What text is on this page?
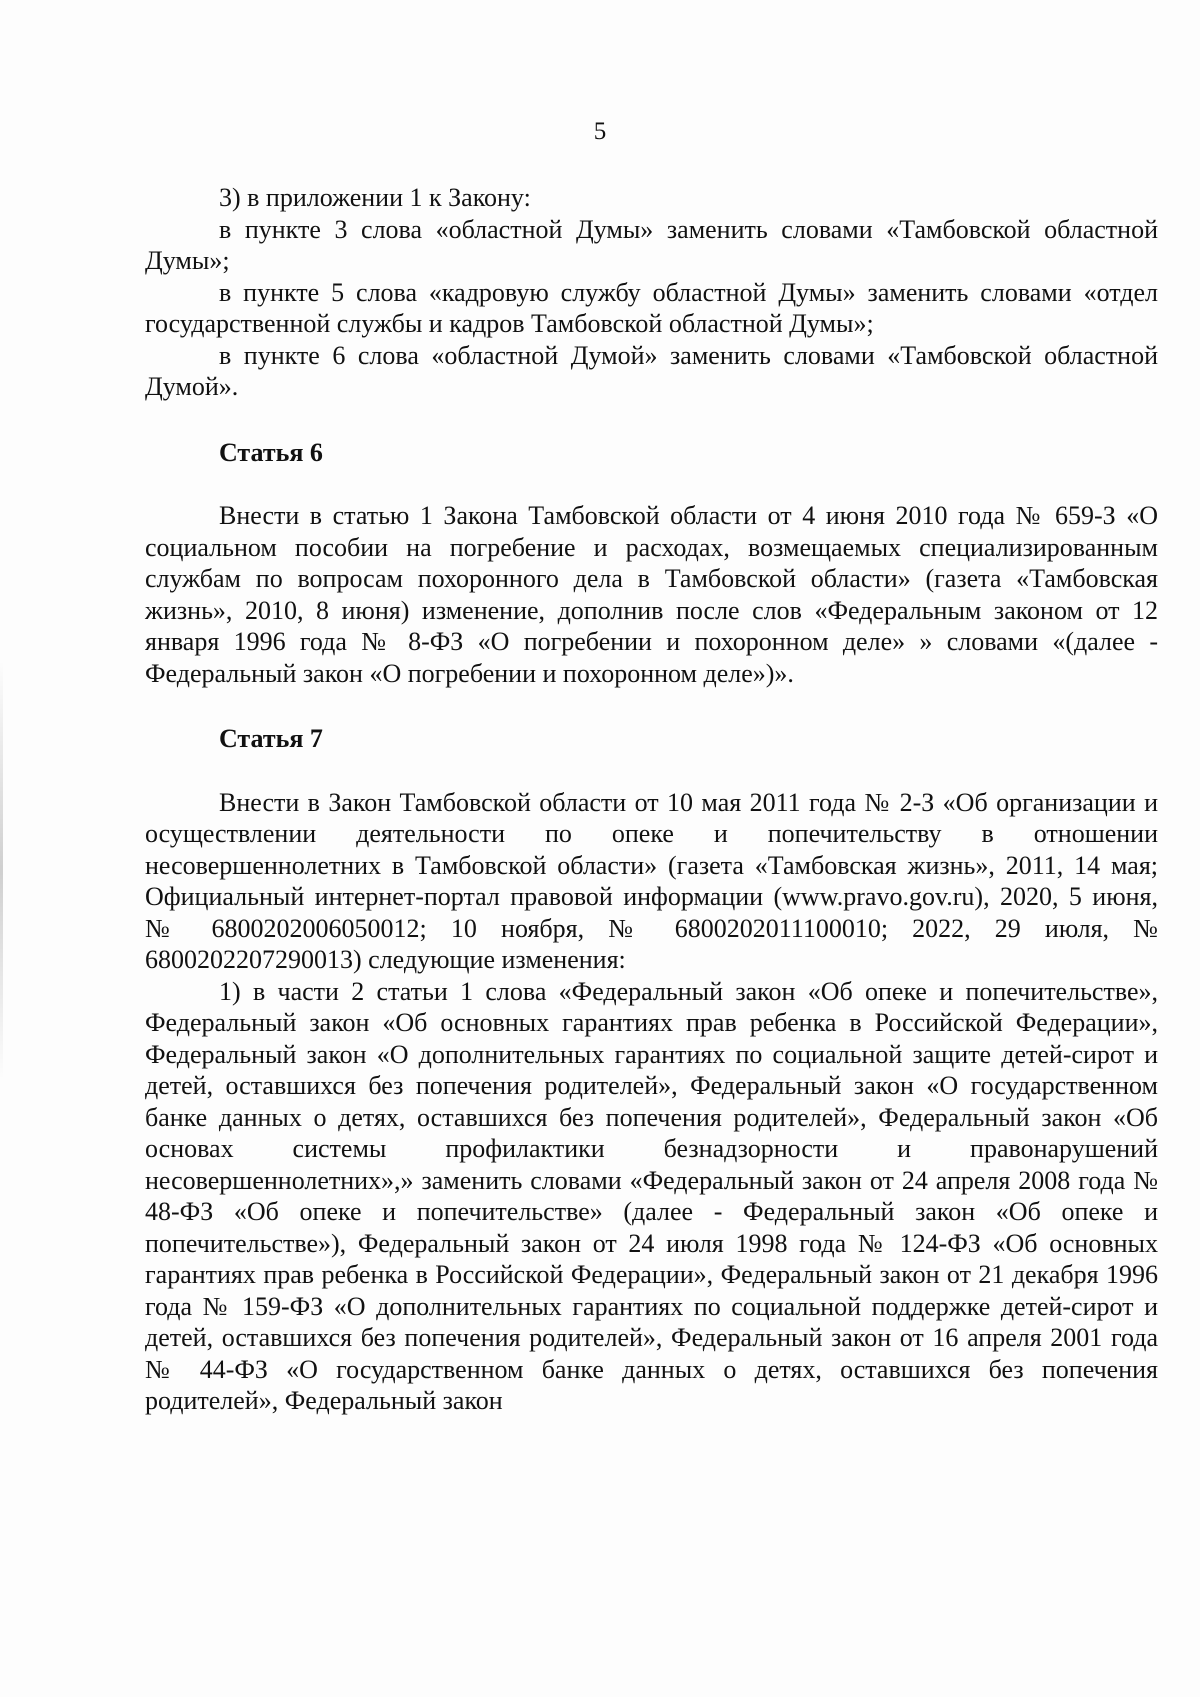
5

3) в приложении 1 к Закону:

в пункте 3 слова «областной Думы» заменить словами «Тамбовской областной Думы»;

в пункте 5 слова «кадровую службу областной Думы» заменить словами «отдел государственной службы и кадров Тамбовской областной Думы»;

в пункте 6 слова «областной Думой» заменить словами «Тамбовской областной Думой».

Статья 6

Внести в статью 1 Закона Тамбовской области от 4 июня 2010 года № 659-З «О социальном пособии на погребение и расходах, возмещаемых специализированным службам по вопросам похоронного дела в Тамбовской области» (газета «Тамбовская жизнь», 2010, 8 июня) изменение, дополнив после слов «Федеральным законом от 12 января 1996 года № 8-ФЗ «О погребении и похоронном деле» » словами «(далее - Федеральный закон «О погребении и похоронном деле»)».

Статья 7

Внести в Закон Тамбовской области от 10 мая 2011 года № 2-З «Об организации и осуществлении деятельности по опеке и попечительству в отношении несовершеннолетних в Тамбовской области» (газета «Тамбовская жизнь», 2011, 14 мая; Официальный интернет-портал правовой информации (www.pravo.gov.ru), 2020, 5 июня, № 6800202006050012; 10 ноября, № 6800202011100010; 2022, 29 июля, № 6800202207290013) следующие изменения:

1) в части 2 статьи 1 слова «Федеральный закон «Об опеке и попечительстве», Федеральный закон «Об основных гарантиях прав ребенка в Российской Федерации», Федеральный закон «О дополнительных гарантиях по социальной защите детей-сирот и детей, оставшихся без попечения родителей», Федеральный закон «О государственном банке данных о детях, оставшихся без попечения родителей», Федеральный закон «Об основах системы профилактики безнадзорности и правонарушений несовершеннолетних»,» заменить словами «Федеральный закон от 24 апреля 2008 года № 48-ФЗ «Об опеке и попечительстве» (далее - Федеральный закон «Об опеке и попечительстве»), Федеральный закон от 24 июля 1998 года № 124-ФЗ «Об основных гарантиях прав ребенка в Российской Федерации», Федеральный закон от 21 декабря 1996 года № 159-ФЗ «О дополнительных гарантиях по социальной поддержке детей-сирот и детей, оставшихся без попечения родителей», Федеральный закон от 16 апреля 2001 года № 44-ФЗ «О государственном банке данных о детях, оставшихся без попечения родителей», Федеральный закон
